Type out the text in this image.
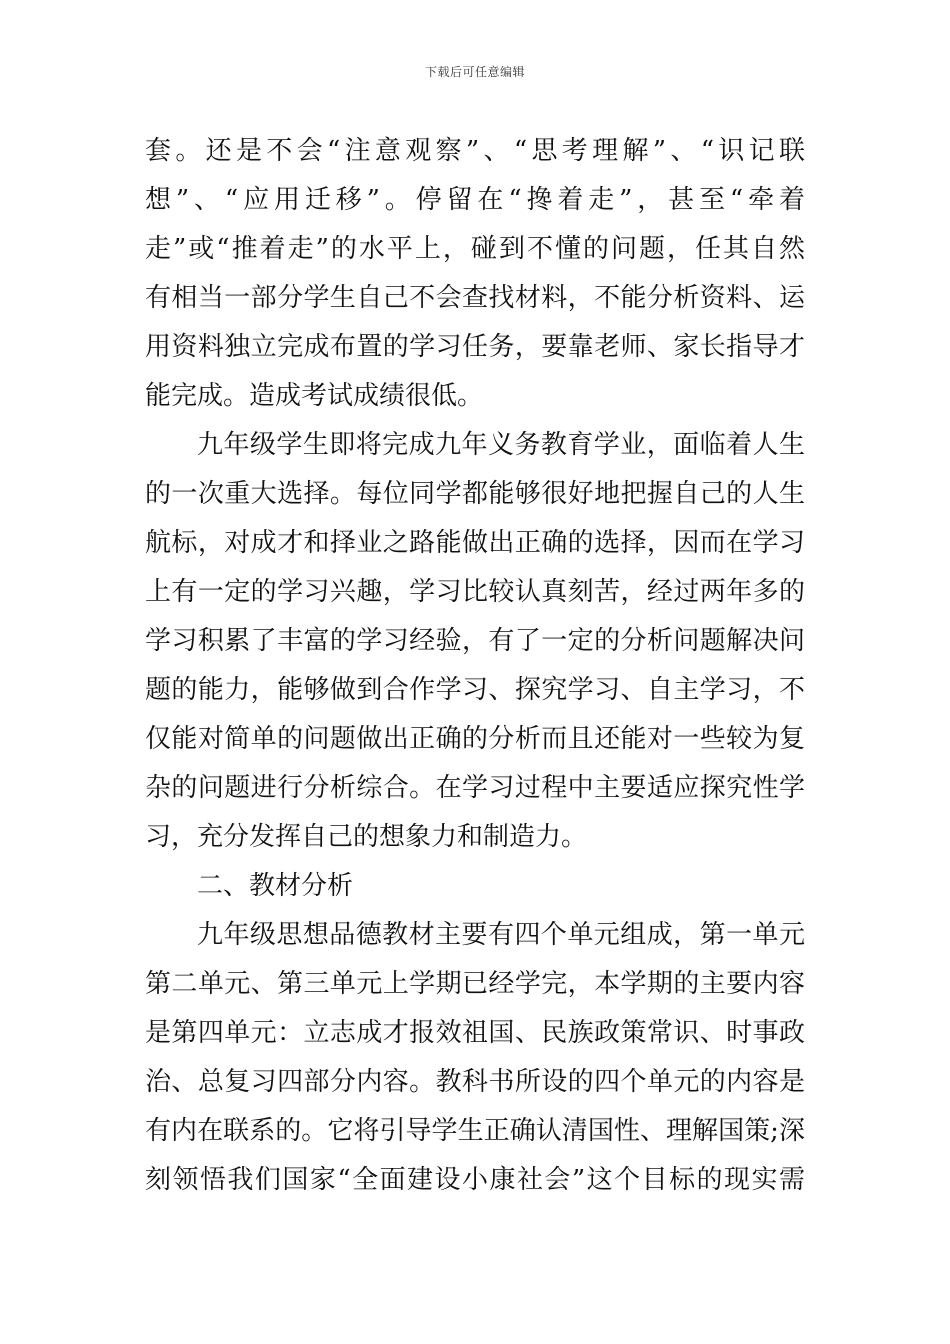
下载后可任意编辑
套。还是不会“注意观察”、“思考理解”、“识记联
想”、“应用迁移”。停留在“搀着走”，甚至“牵着
走”或“推着走”的水平上，碰到不懂的问题，任其自然
有相当一部分学生自己不会查找材料，不能分析资料、运
用资料独立完成布置的学习任务，要靠老师、家长指导才
能完成。造成考试成绩很低。
九年级学生即将完成九年义务教育学业，面临着人生
的一次重大选择。每位同学都能够很好地把握自己的人生
航标，对成才和择业之路能做出正确的选择，因而在学习
上有一定的学习兴趣，学习比较认真刻苦，经过两年多的
学习积累了丰富的学习经验，有了一定的分析问题解决问
题的能力，能够做到合作学习、探究学习、自主学习，不
仅能对简单的问题做出正确的分析而且还能对一些较为复
杂的问题进行分析综合。在学习过程中主要适应探究性学
习，充分发挥自己的想象力和制造力。
二、教材分析
九年级思想品德教材主要有四个单元组成，第一单元
第二单元、第三单元上学期已经学完，本学期的主要内容
是第四单元：立志成才报效祖国、民族政策常识、时事政
治、总复习四部分内容。教科书所设的四个单元的内容是
有内在联系的。它将引导学生正确认清国性、理解国策;深
刻领悟我们国家“全面建设小康社会”这个目标的现实需
